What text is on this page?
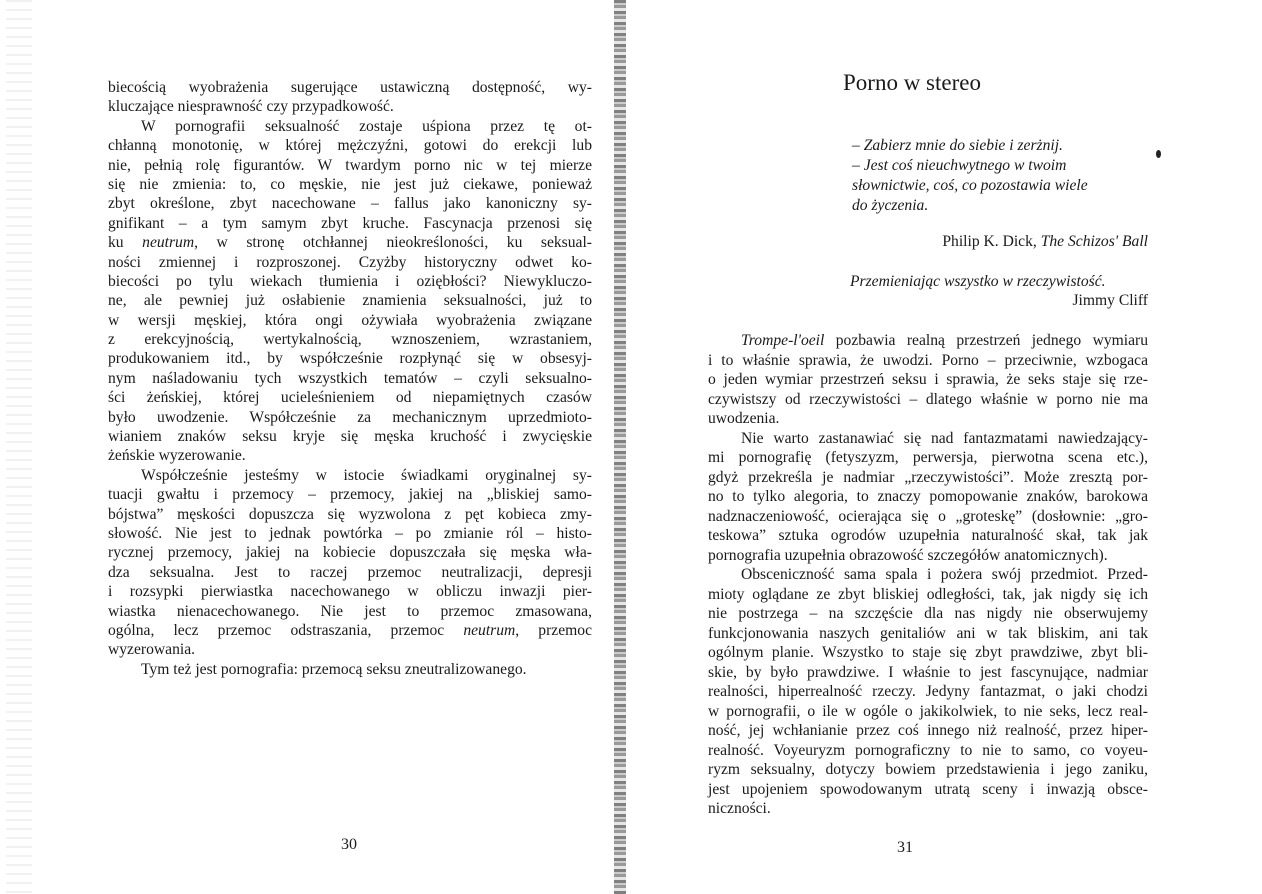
biecością wyobrażenia sugerujące ustawiczną dostępność, wy-
kluczające niesprawność czy przypadkowość.
W pornografii seksualność zostaje uśpiona przez tę ot-
chłanną monotonię, w której mężczyźni, gotowi do erekcji lub
nie, pełnią rolę figurantów. W twardym porno nic w tej mierze
się nie zmienia: to, co męskie, nie jest już ciekawe, ponieważ
zbyt określone, zbyt nacechowane – fallus jako kanoniczny sy-
gnifikant – a tym samym zbyt kruche. Fascynacja przenosi się
ku neutrum, w stronę otchłannej nieokreśloności, ku seksual-
ności zmiennej i rozproszonej. Czyżby historyczny odwet ko-
biecości po tylu wiekach tłumienia i oziębłości? Niewykluczo-
ne, ale pewniej już osłabienie znamienia seksualności, już to
w wersji męskiej, która ongi ożywiała wyobrażenia związane
z erekcyjnością, wertykalnością, wznoszeniem, wzrastaniem,
produkowaniem itd., by współcześnie rozpłynąć się w obsesyj-
nym naśladowaniu tych wszystkich tematów – czyli seksualno-
ści żeńskiej, której ucieleśnieniem od niepamiętnych czasów
było uwodzenie. Współcześnie za mechanicznym uprzedmioto-
wianiem znaków seksu kryje się męska kruchość i zwycięskie
żeńskie wyzerowanie.
Współcześnie jesteśmy w istocie świadkami oryginalnej sy-
tuacji gwałtu i przemocy – przemocy, jakiej na „bliskiej samo-
bójstwa” męskości dopuszcza się wyzwolona z pęt kobieca zmy-
słowość. Nie jest to jednak powtórka – po zmianie ról – histo-
rycznej przemocy, jakiej na kobiecie dopuszczała się męska wła-
dza seksualna. Jest to raczej przemoc neutralizacji, depresji
i rozsypki pierwiastka nacechowanego w obliczu inwazji pier-
wiastka nienacechowanego. Nie jest to przemoc zmasowana,
ogólna, lecz przemoc odstraszania, przemoc neutrum, przemoc
wyzerowania.
Tym też jest pornografia: przemocą seksu zneutralizowanego.
30
Porno w stereo
– Zabierz mnie do siebie i zerżnij.
– Jest coś nieuchwytnego w twoim
słownictwie, coś, co pozostawia wiele
do życzenia.
Philip K. Dick, The Schizos' Ball
Przemieniając wszystko w rzeczywistość.
Jimmy Cliff
Trompe-l'oeil pozbawia realną przestrzeń jednego wymiaru
i to właśnie sprawia, że uwodzi. Porno – przeciwnie, wzbogaca
o jeden wymiar przestrzeń seksu i sprawia, że seks staje się rze-
czywistszy od rzeczywistości – dlatego właśnie w porno nie ma
uwodzenia.
Nie warto zastanawiać się nad fantazmatami nawiedzający-
mi pornografię (fetyszyzm, perwersja, pierwotna scena etc.),
gdyż przekreśla je nadmiar „rzeczywistości”. Może zresztą por-
no to tylko alegoria, to znaczy pomopowanie znaków, barokowa
nadznaczeniowość, ocierająca się o „groteskę” (dosłownie: „gro-
teskowa” sztuka ogrodów uzupełnia naturalność skał, tak jak
pornografia uzupełnia obrazowość szczegółów anatomicznych).
Obsceniczność sama spala i pożera swój przedmiot. Przed-
mioty oglądane ze zbyt bliskiej odległości, tak, jak nigdy się ich
nie postrzega – na szczęście dla nas nigdy nie obserwujemy
funkcjonowania naszych genitaliów ani w tak bliskim, ani tak
ogólnym planie. Wszystko to staje się zbyt prawdziwe, zbyt bli-
skie, by było prawdziwe. I właśnie to jest fascynujące, nadmiar
realności, hiperrealność rzeczy. Jedyny fantazmat, o jaki chodzi
w pornografii, o ile w ogóle o jakikolwiek, to nie seks, lecz real-
ność, jej wchłanianie przez coś innego niż realność, przez hiper-
realność. Voyeuryzm pornograficzny to nie to samo, co voyeu-
ryzm seksualny, dotyczy bowiem przedstawienia i jego zaniku,
jest upojeniem spowodowanym utratą sceny i inwazją obsce-
niczności.
31
